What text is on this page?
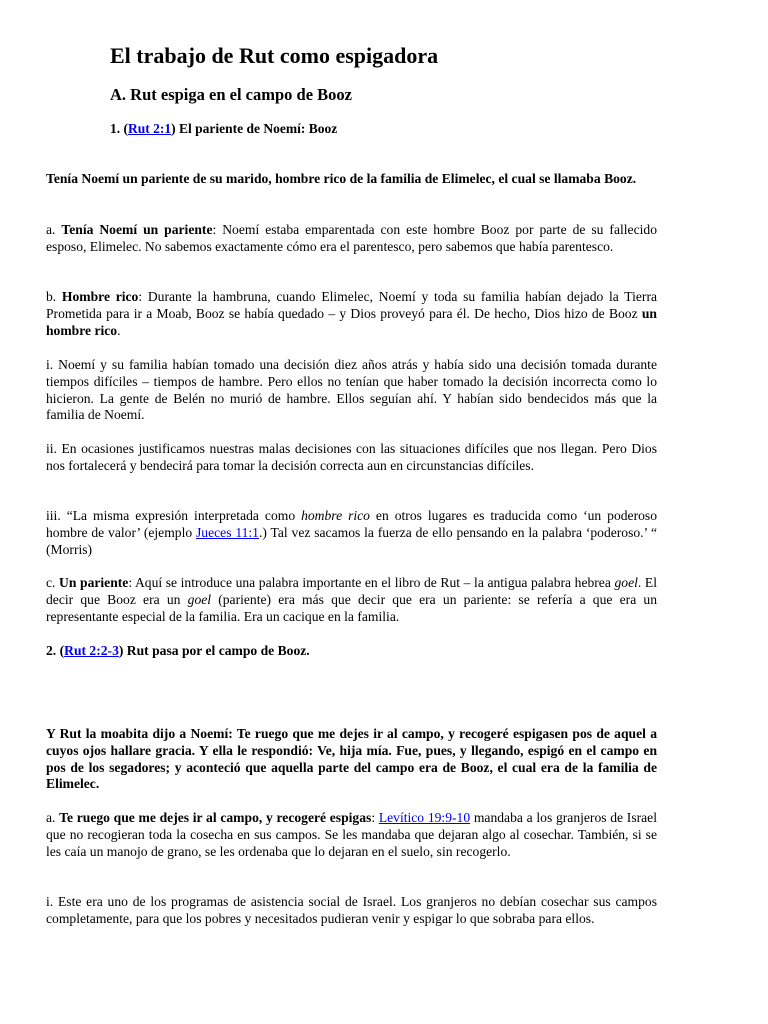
El trabajo de Rut como espigadora
A. Rut espiga en el campo de Booz
1. (Rut 2:1) El pariente de Noemí: Booz

Tenía Noemí un pariente de su marido, hombre rico de la familia de Elimelec, el cual se llamaba Booz.

a. Tenía Noemí un pariente: Noemí estaba emparentada con este hombre Booz por parte de su fallecido esposo, Elimelec. No sabemos exactamente cómo era el parentesco, pero sabemos que había parentesco.

b. Hombre rico: Durante la hambruna, cuando Elimelec, Noemí y toda su familia habían dejado la Tierra Prometida para ir a Moab, Booz se había quedado – y Dios proveyó para él. De hecho, Dios hizo de Booz un hombre rico.

i. Noemí y su familia habían tomado una decisión diez años atrás y había sido una decisión tomada durante tiempos difíciles – tiempos de hambre. Pero ellos no tenían que haber tomado la decisión incorrecta como lo hicieron. La gente de Belén no murió de hambre. Ellos seguían ahí. Y habían sido bendecidos más que la familia de Noemí.

ii. En ocasiones justificamos nuestras malas decisiones con las situaciones difíciles que nos llegan. Pero Dios nos fortalecerá y bendecirá para tomar la decisión correcta aun en circunstancias difíciles.

iii. “La misma expresión interpretada como hombre rico en otros lugares es traducida como ‘un poderoso hombre de valor’ (ejemplo Jueces 11:1.) Tal vez sacamos la fuerza de ello pensando en la palabra ‘poderoso.’ “ (Morris)

c. Un pariente: Aquí se introduce una palabra importante en el libro de Rut – la antigua palabra hebrea goel. El decir que Booz era un goel (pariente) era más que decir que era un pariente: se refería a que era un representante especial de la familia. Era un cacique en la familia.

2. (Rut 2:2-3) Rut pasa por el campo de Booz.

Y Rut la moabita dijo a Noemí: Te ruego que me dejes ir al campo, y recogeré espigasen pos de aquel a cuyos ojos hallare gracia. Y ella le respondió: Ve, hija mía. Fue, pues, y llegando, espigó en el campo en pos de los segadores; y aconteció que aquella parte del campo era de Booz, el cual era de la familia de Elimelec.

a. Te ruego que me dejes ir al campo, y recogeré espigas: Levítico 19:9-10 mandaba a los granjeros de Israel que no recogieran toda la cosecha en sus campos. Se les mandaba que dejaran algo al cosechar. También, si se les caía un manojo de grano, se les ordenaba que lo dejaran en el suelo, sin recogerlo.

i. Este era uno de los programas de asistencia social de Israel. Los granjeros no debían cosechar sus campos completamente, para que los pobres y necesitados pudieran venir y espigar lo que sobraba para ellos.
